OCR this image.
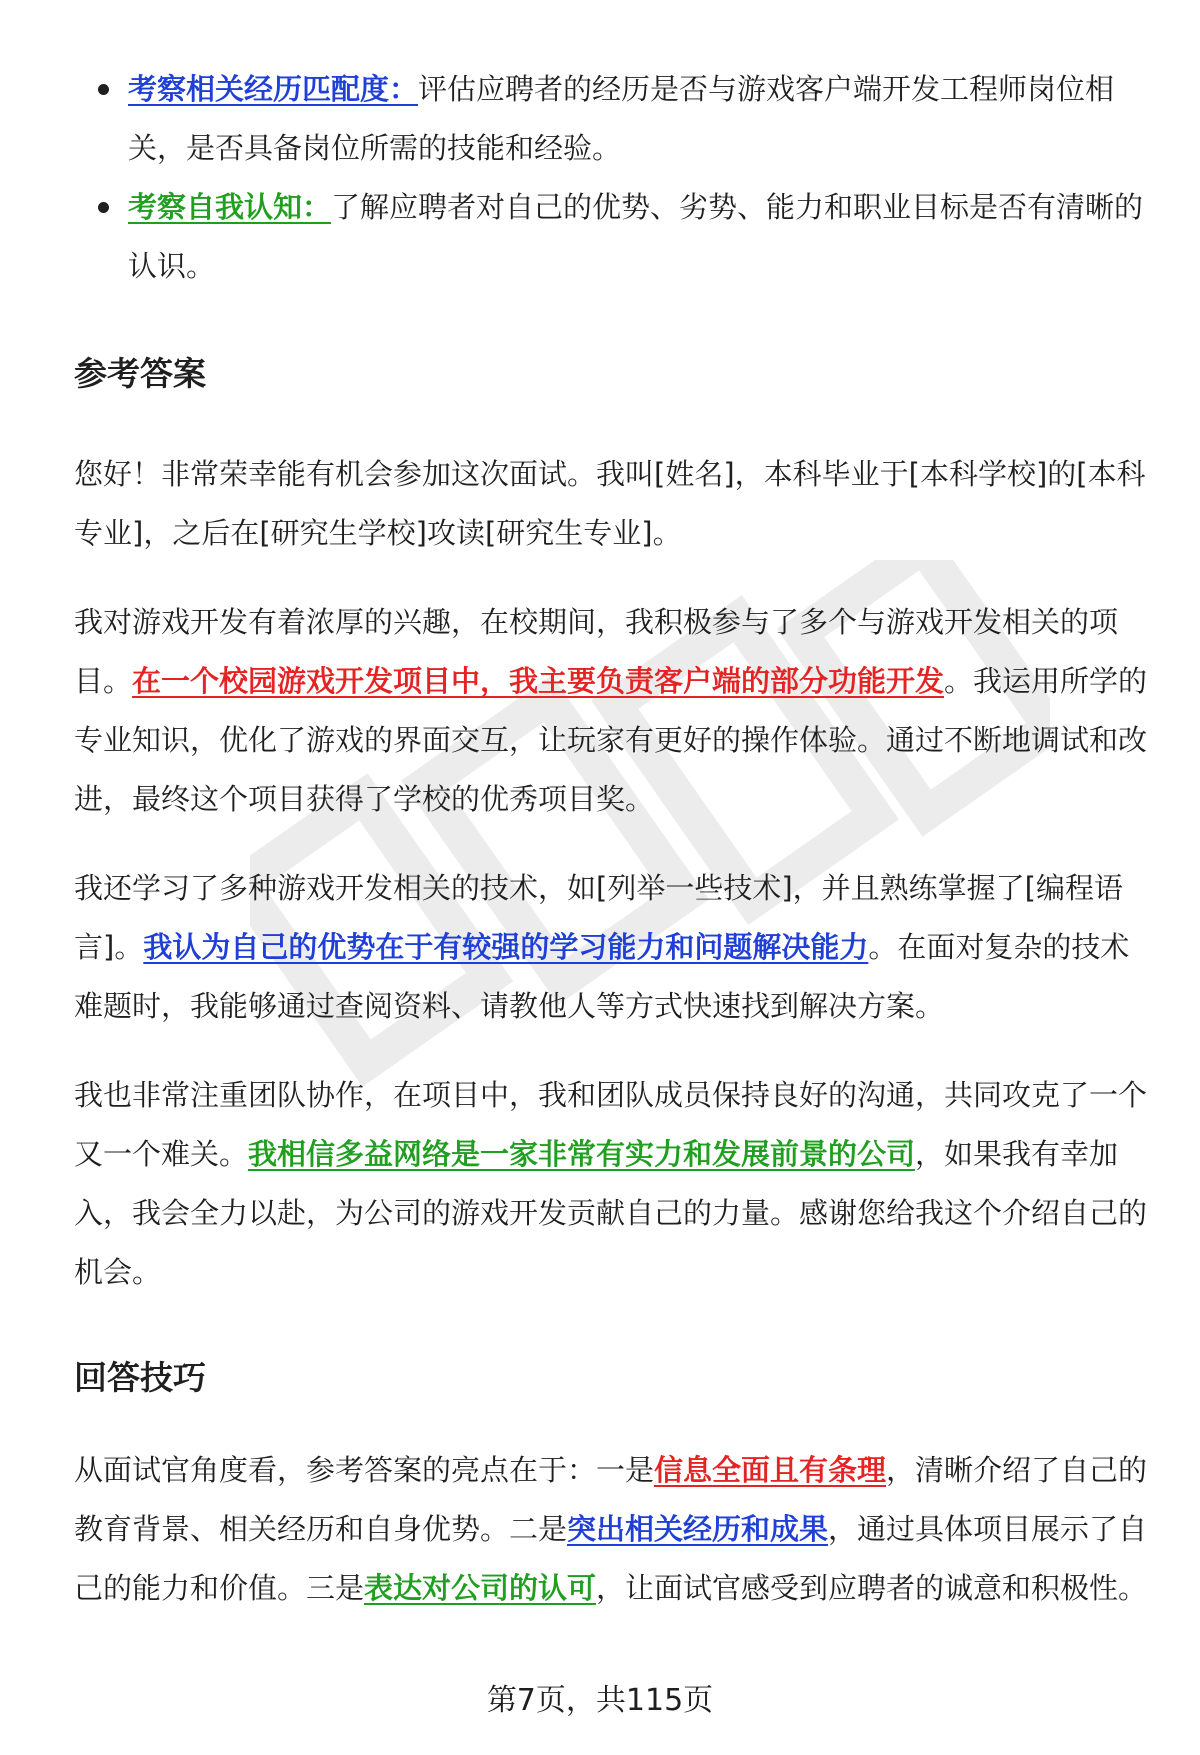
考察相关经历匹配度：评估应聘者的经历是否与游戏客户端开发工程师岗位相关，是否具备岗位所需的技能和经验。
考察自我认知：了解应聘者对自己的优势、劣势、能力和职业目标是否有清晰的认识。
参考答案

您好！非常荣幸能有机会参加这次面试。我叫[姓名]，本科毕业于[本科学校]的[本科专业]，之后在[研究生学校]攻读[研究生专业]。

我对游戏开发有着浓厚的兴趣，在校期间，我积极参与了多个与游戏开发相关的项目。在一个校园游戏开发项目中，我主要负责客户端的部分功能开发。我运用所学的专业知识，优化了游戏的界面交互，让玩家有更好的操作体验。通过不断地调试和改进，最终这个项目获得了学校的优秀项目奖。

我还学习了多种游戏开发相关的技术，如[列举一些技术]，并且熟练掌握了[编程语言]。我认为自己的优势在于有较强的学习能力和问题解决能力。在面对复杂的技术难题时，我能够通过查阅资料、请教他人等方式快速找到解决方案。

我也非常注重团队协作，在项目中，我和团队成员保持良好的沟通，共同攻克了一个又一个难关。我相信多益网络是一家非常有实力和发展前景的公司，如果我有幸加入，我会全力以赴，为公司的游戏开发贡献自己的力量。感谢您给我这个介绍自己的机会。

回答技巧

从面试官角度看，参考答案的亮点在于：一是信息全面且有条理，清晰介绍了自己的教育背景、相关经历和自身优势。二是突出相关经历和成果，通过具体项目展示了自己的能力和价值。三是表达对公司的认可，让面试官感受到应聘者的诚意和积极性。

第7页，共115页
